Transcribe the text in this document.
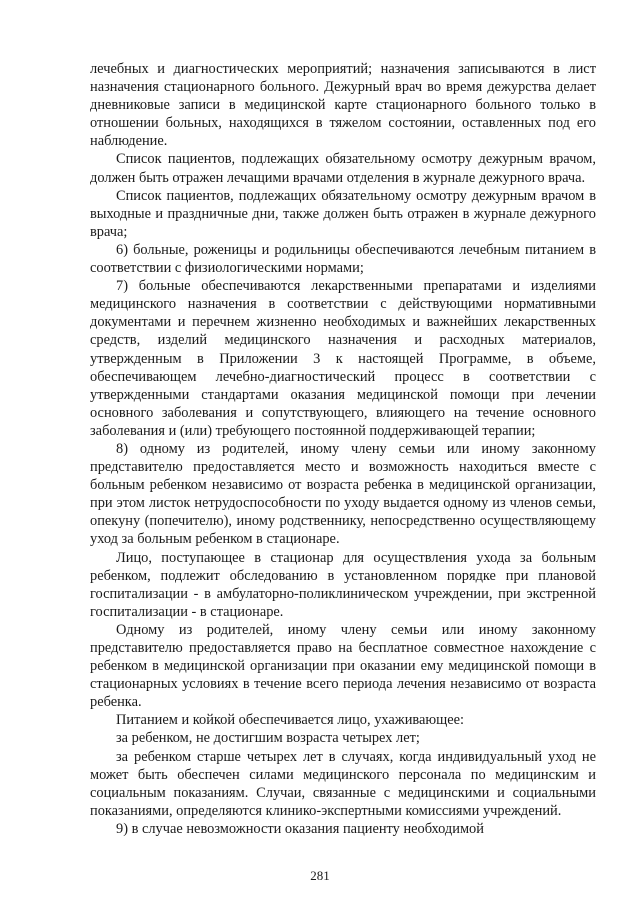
лечебных и диагностических мероприятий; назначения записываются в лист назначения стационарного больного. Дежурный врач во время дежурства делает дневниковые записи в медицинской карте стационарного больного только в отношении больных, находящихся в тяжелом состоянии, оставленных под его наблюдение.

Список пациентов, подлежащих обязательному осмотру дежурным врачом, должен быть отражен лечащими врачами отделения в журнале дежурного врача.

Список пациентов, подлежащих обязательному осмотру дежурным врачом в выходные и праздничные дни, также должен быть отражен в журнале дежурного врача;

6) больные, роженицы и родильницы обеспечиваются лечебным питанием в соответствии с физиологическими нормами;

7) больные обеспечиваются лекарственными препаратами и изделиями медицинского назначения в соответствии с действующими нормативными документами и перечнем жизненно необходимых и важнейших лекарственных средств, изделий медицинского назначения и расходных материалов, утвержденным в Приложении 3 к настоящей Программе, в объеме, обеспечивающем лечебно-диагностический процесс в соответствии с утвержденными стандартами оказания медицинской помощи при лечении основного заболевания и сопутствующего, влияющего на течение основного заболевания и (или) требующего постоянной поддерживающей терапии;

8) одному из родителей, иному члену семьи или иному законному представителю предоставляется место и возможность находиться вместе с больным ребенком независимо от возраста ребенка в медицинской организации, при этом листок нетрудоспособности по уходу выдается одному из членов семьи, опекуну (попечителю), иному родственнику, непосредственно осуществляющему уход за больным ребенком в стационаре.

Лицо, поступающее в стационар для осуществления ухода за больным ребенком, подлежит обследованию в установленном порядке при плановой госпитализации - в амбулаторно-поликлиническом учреждении, при экстренной госпитализации - в стационаре.

Одному из родителей, иному члену семьи или иному законному представителю предоставляется право на бесплатное совместное нахождение с ребенком в медицинской организации при оказании ему медицинской помощи в стационарных условиях в течение всего периода лечения независимо от возраста ребенка.

Питанием и койкой обеспечивается лицо, ухаживающее:

за ребенком, не достигшим возраста четырех лет;

за ребенком старше четырех лет в случаях, когда индивидуальный уход не может быть обеспечен силами медицинского персонала по медицинским и социальным показаниям. Случаи, связанные с медицинскими и социальными показаниями, определяются клинико-экспертными комиссиями учреждений.

9) в случае невозможности оказания пациенту необходимой

281
